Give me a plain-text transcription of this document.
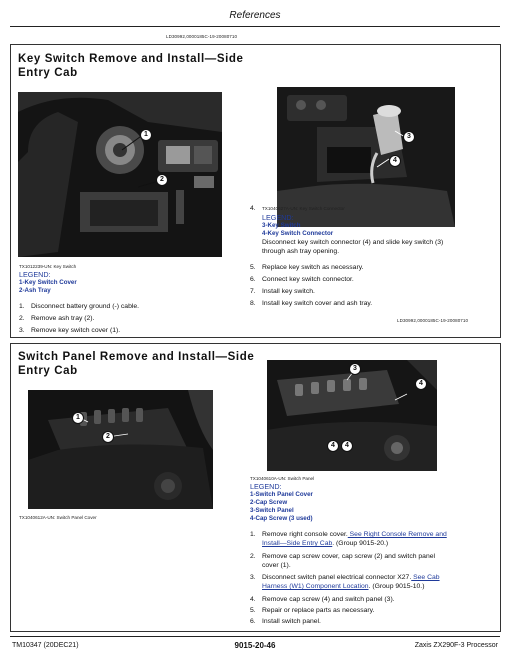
References
LD30992,0000185C-19-20080710
Key Switch Remove and Install—Side
Entry Cab
1
2
TX1012239-UN: Key Switch
LEGEND:
1-Key Switch Cover
2-Ash Tray
1. Disconnect battery ground (-) cable.
2. Remove ash tray (2).
3. Remove key switch cover (1).
3
4
4. TX1040627A-UN: Key Switch Connector
LEGEND:
3-Key Switch
4-Key Switch Connector
Disconnect key switch connector (4) and slide key switch (3)
through ash tray opening.
5. Replace key switch as necessary.
6. Connect key switch connector.
7. Install key switch.
8. Install key switch cover and ash tray.
LD30992,0000185C-19-20080710
Switch Panel Remove and Install—Side
Entry Cab
1
2
TX1040612A-UN: Switch Panel Cover
3
4
4	4
TX1040610A-UN: Switch Panel
LEGEND:
1-Switch Panel Cover
2-Cap Screw
3-Switch Panel
4-Cap Screw (3 used)
1. Remove right console cover. See Right Console Remove and
Install—Side Entry Cab. (Group 9015-20.)
2. Remove cap screw cover, cap screw (2) and switch panel
cover (1).
3. Disconnect switch panel electrical connector X27. See Cab
Harness (W1) Component Location. (Group 9015-10.)
4. Remove cap screw (4) and switch panel (3).
5. Repair or replace parts as necessary.
6. Install switch panel.
TM10347 (20DEC21)	9015-20-46	Zaxis ZX290F-3 Processor
